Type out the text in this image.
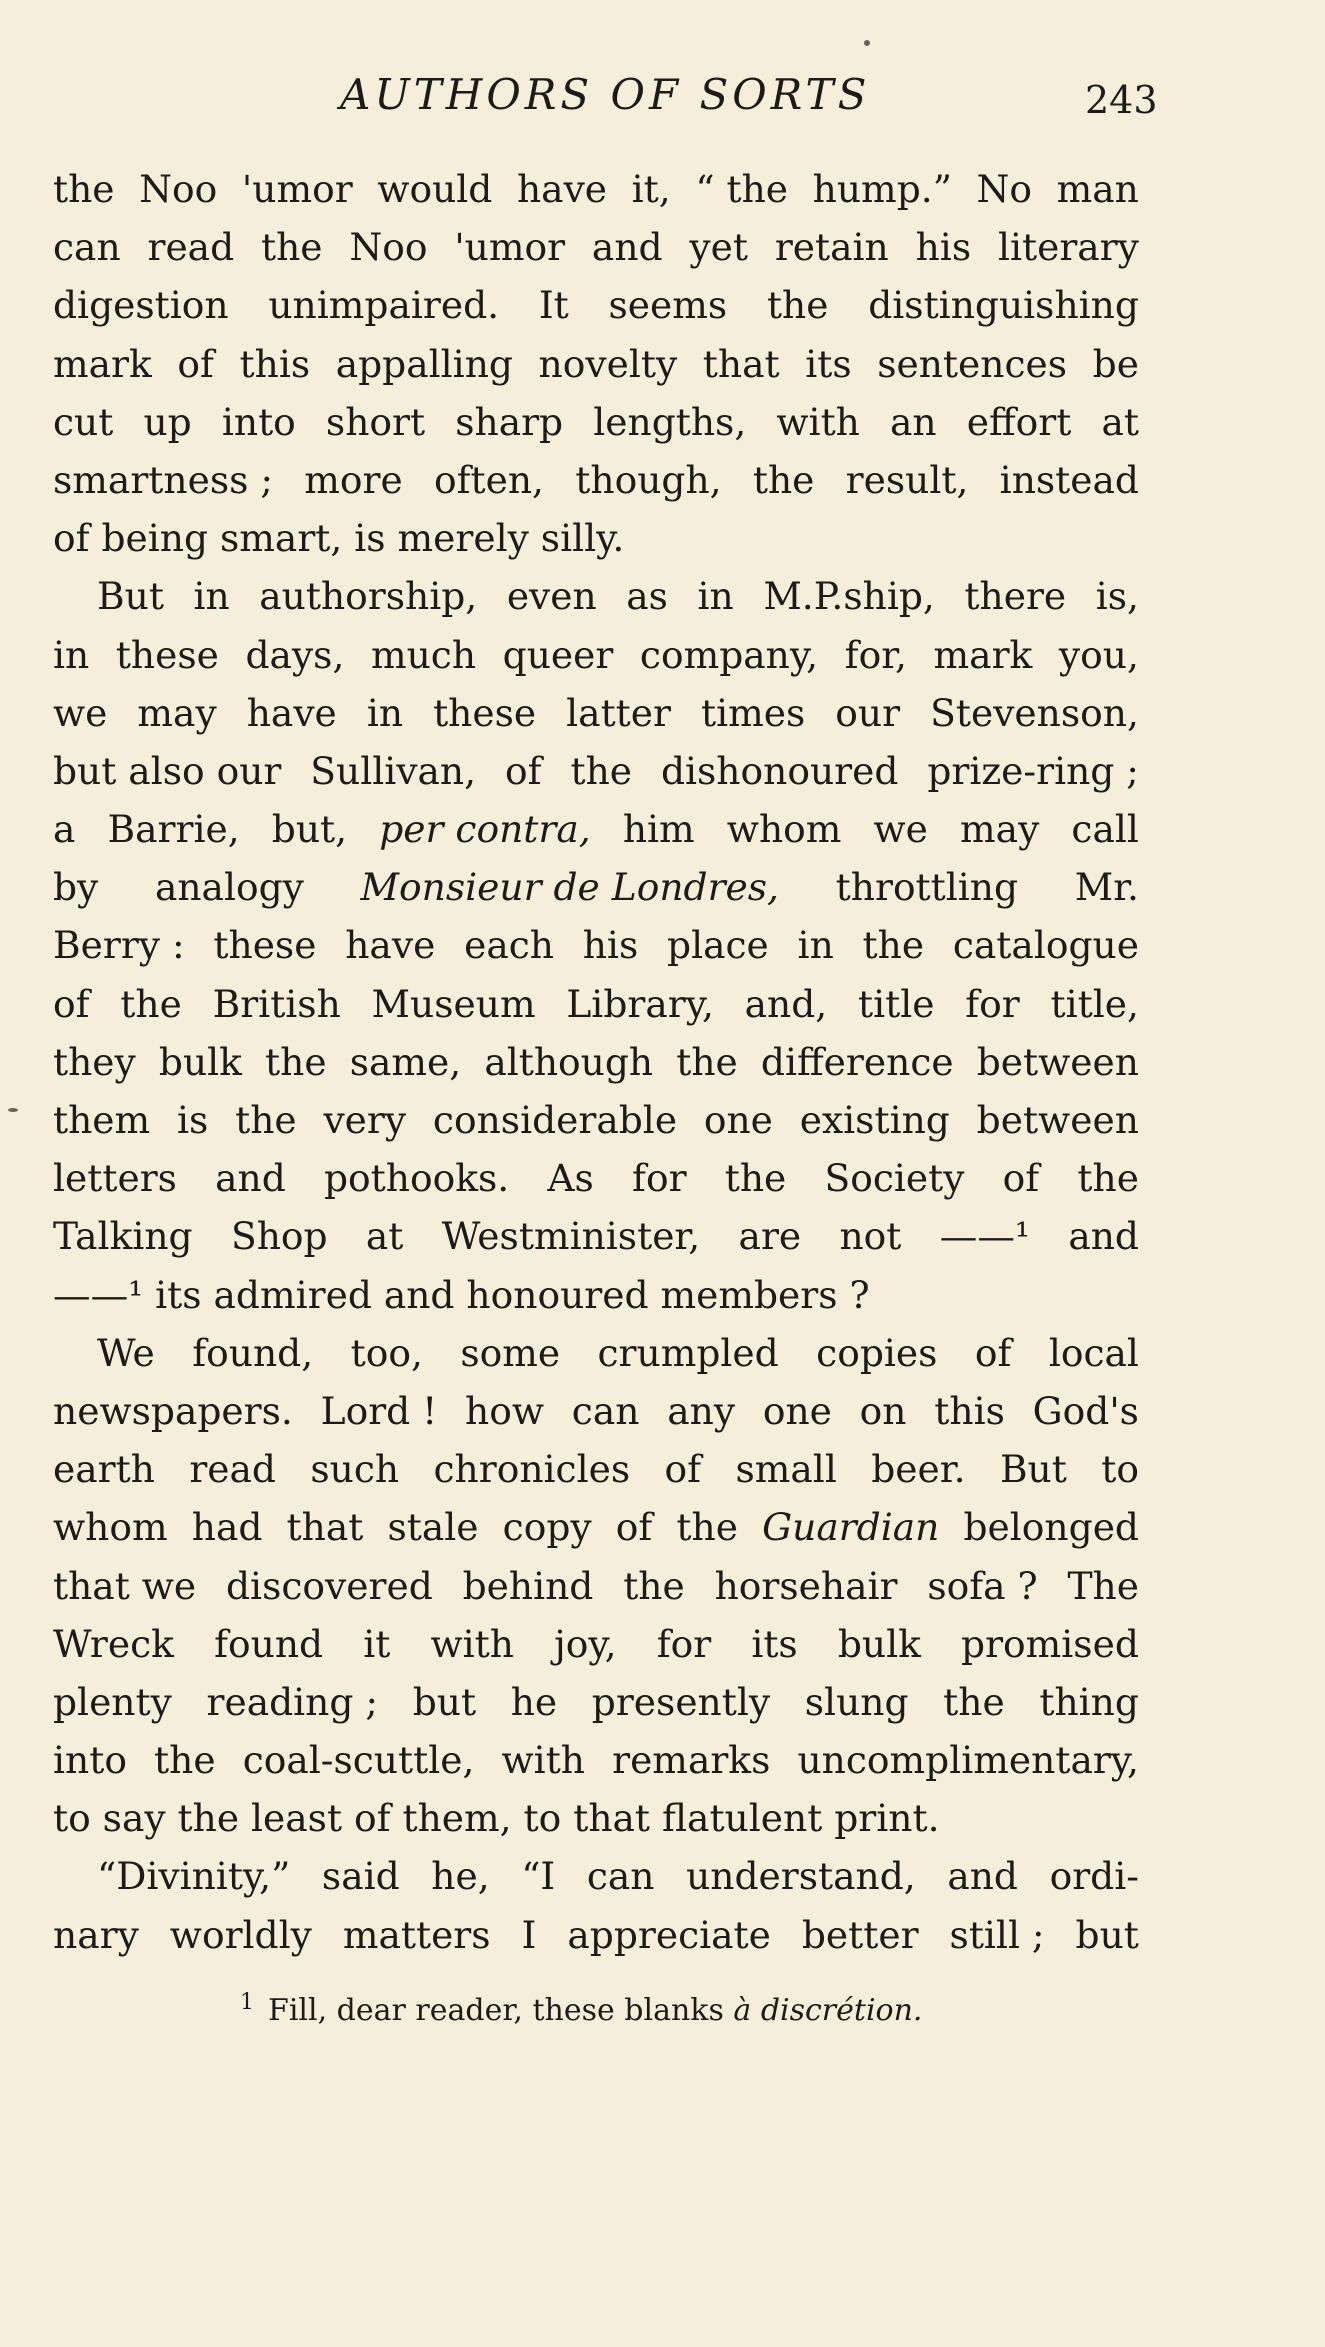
AUTHORS OF SORTS	243
the Noo 'umor would have it, “ the hump.” No man
can read the Noo 'umor and yet retain his literary
digestion unimpaired. It seems the distinguishing
mark of this appalling novelty that its sentences be
cut up into short sharp lengths, with an effort at
smartness ; more often, though, the result, instead
of being smart, is merely silly.
But in authorship, even as in M.P.ship, there is,
in these days, much queer company, for, mark you,
we may have in these latter times our Stevenson,
but also our Sullivan, of the dishonoured prize-ring ;
a Barrie, but, per contra, him whom we may call
by analogy Monsieur de Londres, throttling Mr.
Berry : these have each his place in the catalogue
of the British Museum Library, and, title for title,
they bulk the same, although the difference between
them is the very considerable one existing between
letters and pothooks. As for the Society of the
Talking Shop at Westminister, are not ——¹ and
——¹ its admired and honoured members ?
We found, too, some crumpled copies of local
newspapers. Lord ! how can any one on this God's
earth read such chronicles of small beer. But to
whom had that stale copy of the Guardian belonged
that we discovered behind the horsehair sofa ? The
Wreck found it with joy, for its bulk promised
plenty reading ; but he presently slung the thing
into the coal-scuttle, with remarks uncomplimentary,
to say the least of them, to that flatulent print.
“Divinity,” said he, “I can understand, and ordi-
nary worldly matters I appreciate better still ; but
$^1$ Fill, dear reader, these blanks à discrétion.
